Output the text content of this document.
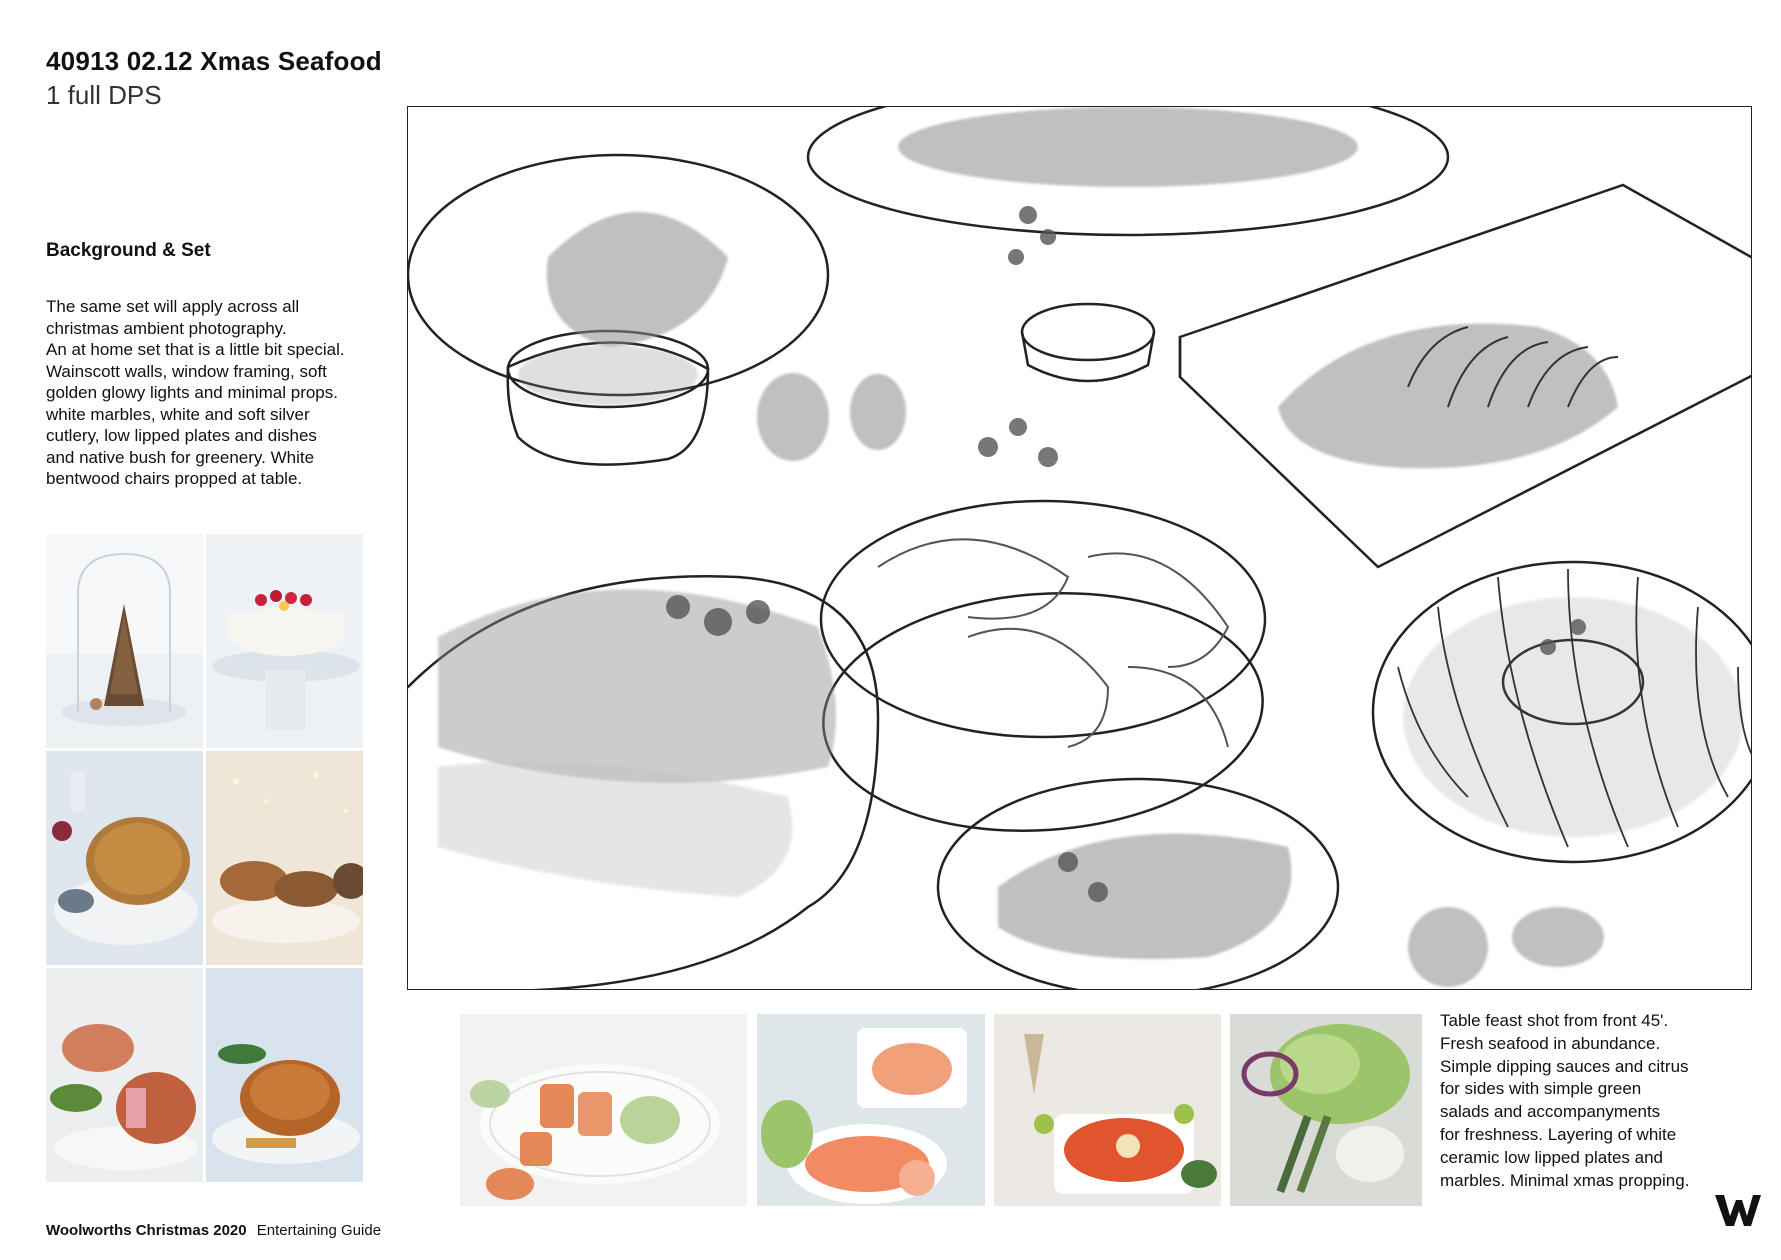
40913 02.12 Xmas Seafood
1 full DPS
Background & Set
The same set will apply across all
christmas ambient photography.
An at home set that is a little bit special.
Wainscott walls, window framing, soft
golden glowy lights and minimal props.
white marbles, white and soft silver
cutlery, low lipped plates and dishes
and native bush for greenery. White
bentwood chairs propped at table.
Table feast shot from front 45'.
Fresh seafood in abundance.
Simple dipping sauces and citrus
for sides with simple green
salads and accompanyments
for freshness. Layering of white
ceramic low lipped plates and
marbles. Minimal xmas propping.
Woolworths Christmas 2020 Entertaining Guide
